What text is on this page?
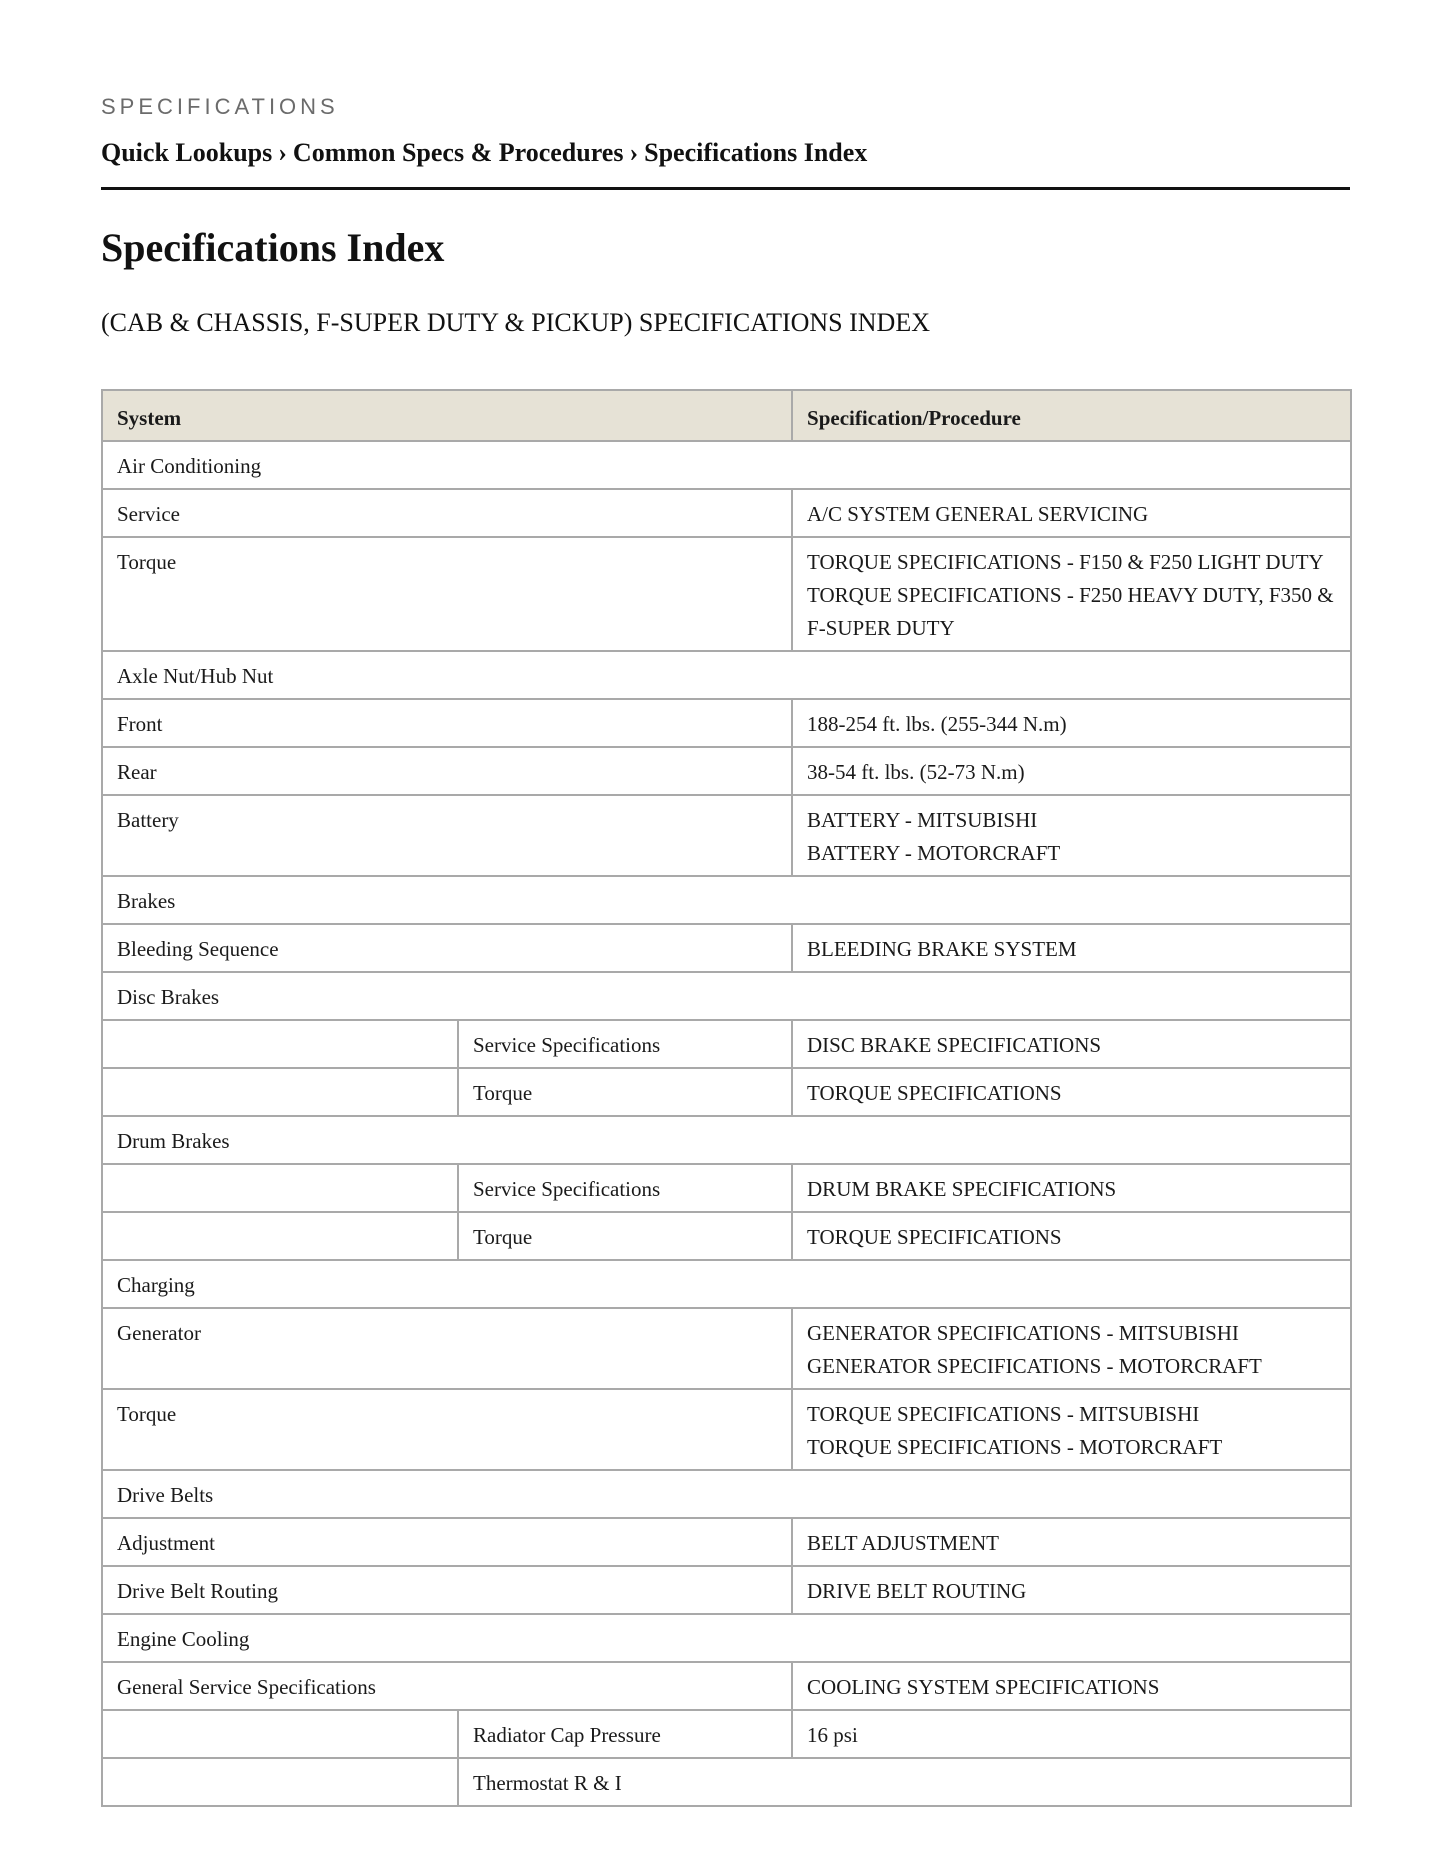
SPECIFICATIONS
Quick Lookups › Common Specs & Procedures › Specifications Index
Specifications Index
(CAB & CHASSIS, F-SUPER DUTY & PICKUP) SPECIFICATIONS INDEX
System		Specification/Procedure
Air Conditioning		
Service		A/C SYSTEM GENERAL SERVICING
Torque		TORQUE SPECIFICATIONS - F150 & F250 LIGHT DUTY
TORQUE SPECIFICATIONS - F250 HEAVY DUTY, F350 & F-SUPER DUTY

Axle Nut/Hub Nut		
Front		188-254 ft. lbs. (255-344 N.m)
Rear		38-54 ft. lbs. (52-73 N.m)
Battery		BATTERY - MITSUBISHI
BATTERY - MOTORCRAFT

Brakes		
Bleeding Sequence		BLEEDING BRAKE SYSTEM
Disc Brakes		
	Service Specifications	DISC BRAKE SPECIFICATIONS
	Torque	TORQUE SPECIFICATIONS
Drum Brakes		
	Service Specifications	DRUM BRAKE SPECIFICATIONS
	Torque	TORQUE SPECIFICATIONS
Charging		
Generator		GENERATOR SPECIFICATIONS - MITSUBISHI
GENERATOR SPECIFICATIONS - MOTORCRAFT

Torque		TORQUE SPECIFICATIONS - MITSUBISHI
TORQUE SPECIFICATIONS - MOTORCRAFT

Drive Belts		
Adjustment		BELT ADJUSTMENT
Drive Belt Routing		DRIVE BELT ROUTING
Engine Cooling		
General Service Specifications		COOLING SYSTEM SPECIFICATIONS
	Radiator Cap Pressure	16 psi
	Thermostat R & I	
